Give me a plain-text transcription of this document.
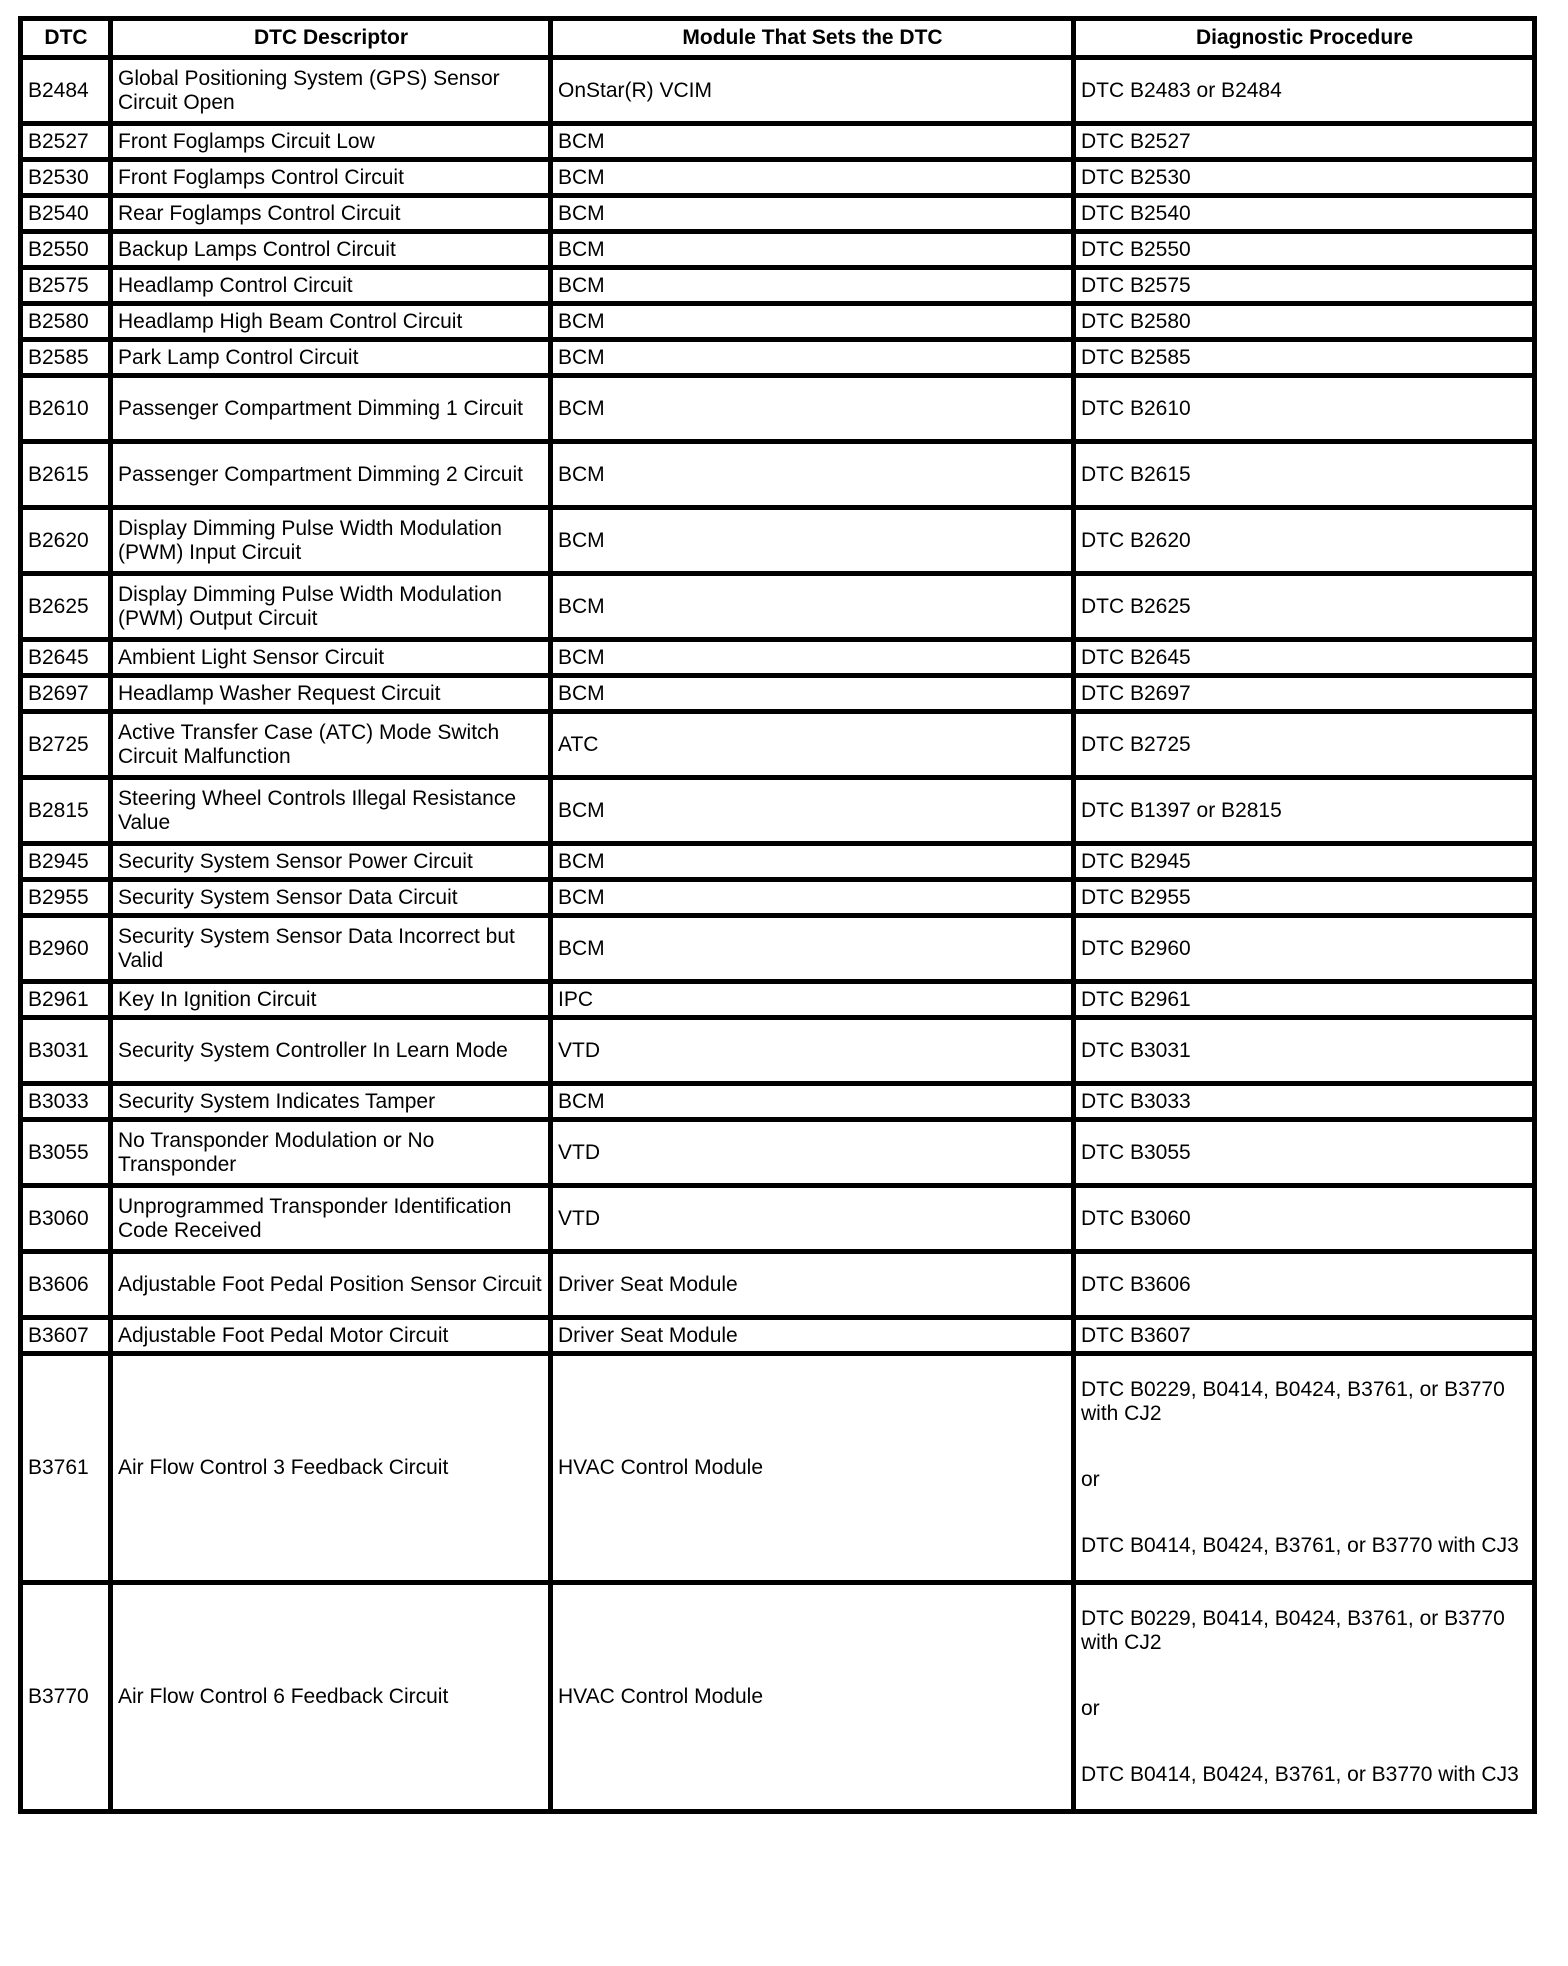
DTC	DTC Descriptor	Module That Sets the DTC	Diagnostic Procedure
B2484	Global Positioning System (GPS) Sensor Circuit Open	OnStar(R) VCIM	DTC B2483 or B2484

B2527	Front Foglamps Circuit Low	BCM	DTC B2527

B2530	Front Foglamps Control Circuit	BCM	DTC B2530

B2540	Rear Foglamps Control Circuit	BCM	DTC B2540

B2550	Backup Lamps Control Circuit	BCM	DTC B2550

B2575	Headlamp Control Circuit	BCM	DTC B2575

B2580	Headlamp High Beam Control Circuit	BCM	DTC B2580

B2585	Park Lamp Control Circuit	BCM	DTC B2585

B2610	Passenger Compartment Dimming 1 Circuit	BCM	DTC B2610

B2615	Passenger Compartment Dimming 2 Circuit	BCM	DTC B2615

B2620	Display Dimming Pulse Width Modulation (PWM) Input Circuit	BCM	DTC B2620

B2625	Display Dimming Pulse Width Modulation (PWM) Output Circuit	BCM	DTC B2625

B2645	Ambient Light Sensor Circuit	BCM	DTC B2645

B2697	Headlamp Washer Request Circuit	BCM	DTC B2697

B2725	Active Transfer Case (ATC) Mode Switch Circuit Malfunction	ATC	DTC B2725

B2815	Steering Wheel Controls Illegal Resistance Value	BCM	DTC B1397 or B2815

B2945	Security System Sensor Power Circuit	BCM	DTC B2945

B2955	Security System Sensor Data Circuit	BCM	DTC B2955

B2960	Security System Sensor Data Incorrect but Valid	BCM	DTC B2960

B2961	Key In Ignition Circuit	IPC	DTC B2961

B3031	Security System Controller In Learn Mode	VTD	DTC B3031

B3033	Security System Indicates Tamper	BCM	DTC B3033

B3055	No Transponder Modulation or No Transponder	VTD	DTC B3055

B3060	Unprogrammed Transponder Identification Code Received	VTD	DTC B3060

B3606	Adjustable Foot Pedal Position Sensor Circuit	Driver Seat Module	DTC B3606

B3607	Adjustable Foot Pedal Motor Circuit	Driver Seat Module	DTC B3607

B3761	Air Flow Control 3 Feedback Circuit	HVAC Control Module	DTC B0229, B0414, B0424, B3761, or B3770 with CJ2
or
DTC B0414, B0424, B3761, or B3770 with CJ3

B3770	Air Flow Control 6 Feedback Circuit	HVAC Control Module	DTC B0229, B0414, B0424, B3761, or B3770 with CJ2
or
DTC B0414, B0424, B3761, or B3770 with CJ3
